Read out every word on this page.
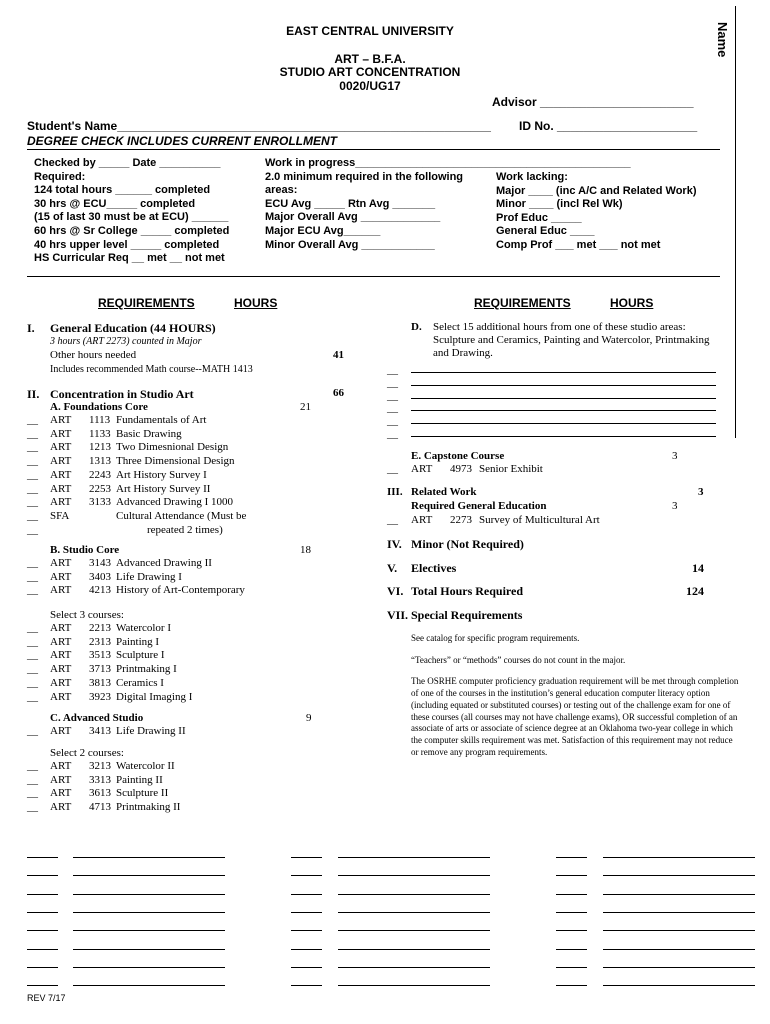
Name
EAST CENTRAL UNIVERSITY
ART – B.F.A.
STUDIO ART CONCENTRATION
0020/UG17
Advisor _______________________
Student's Name________________________________________________________ ID No. _____________________
DEGREE CHECK INCLUDES CURRENT ENROLLMENT
Checked by _____ Date __________
Required:
124 total hours ______ completed
30 hrs @ ECU_____ completed
(15 of last 30 must be at ECU) ______
60 hrs @ Sr College _____ completed
40 hrs upper level _____ completed
HS Curricular Req __ met __ not met
Work in progress_____________________________________________
2.0 minimum required in the following
areas:
ECU Avg _____ Rtn Avg _______
Major Overall Avg _____________
Major ECU Avg______
Minor Overall Avg ____________
Work lacking:
Major ____ (inc A/C and Related Work)
Minor ____ (incl Rel Wk)
Prof Educ _____
General Educ ____
Comp Prof ___ met ___ not met
REQUIREMENTS	HOURS	REQUIREMENTS	HOURS
I. General Education (44 HOURS)
3 hours (ART 2273) counted in Major
Other hours needed	41
Includes recommended Math course--MATH 1413
II. Concentration in Studio Art	66
A. Foundations Core	21
__ ART 1113 Fundamentals of Art
__ ART 1133 Basic Drawing
__ ART 1213 Two Dimesnional Design
__ ART 1313 Three Dimensional Design
__ ART 2243 Art History Survey I
__ ART 2253 Art History Survey II
__ ART 3133 Advanced Drawing I 1000
__ SFA	Cultural Attendance (Must be
__	repeated 2 times)
B. Studio Core	18
__ ART 3143 Advanced Drawing II
__ ART 3403 Life Drawing I
__ ART 4213 History of Art-Contemporary
Select 3 courses:
__ ART 2213 Watercolor I
__ ART 2313 Painting I
__ ART 3513 Sculpture I
__ ART 3713 Printmaking I
__ ART 3813 Ceramics I
__ ART 3923 Digital Imaging I
C. Advanced Studio	9
__ ART 3413 Life Drawing II
Select 2 courses:
__ ART 3213 Watercolor II
__ ART 3313 Painting II
__ ART 3613 Sculpture II
__ ART 4713 Printmaking II
D. Select 15 additional hours from one of these studio areas:
Sculpture and Ceramics, Painting and Watercolor, Printmaking
and Drawing.
__
__
__
__
__
__
E. Capstone Course	3
__ ART 4973 Senior Exhibit
III. Related Work	3
Required General Education	3
__ ART 2273 Survey of Multicultural Art
IV. Minor (Not Required)
V. Electives	14
VI. Total Hours Required	124
VII. Special Requirements

See catalog for specific program requirements.

“Teachers” or “methods” courses do not count in the major.

The OSRHE computer proficiency graduation requirement will be met through completion of one of the courses in the institution’s general education computer literacy option (including equated or substituted courses) or testing out of the challenge exam for one of these courses (all courses may not have challenge exams), OR successful completion of an associate of arts or associate of science degree at an Oklahoma two-year college in which the computer skills requirement was met. Satisfaction of this requirement may not reduce or remove any program requirements.

REV 7/17
